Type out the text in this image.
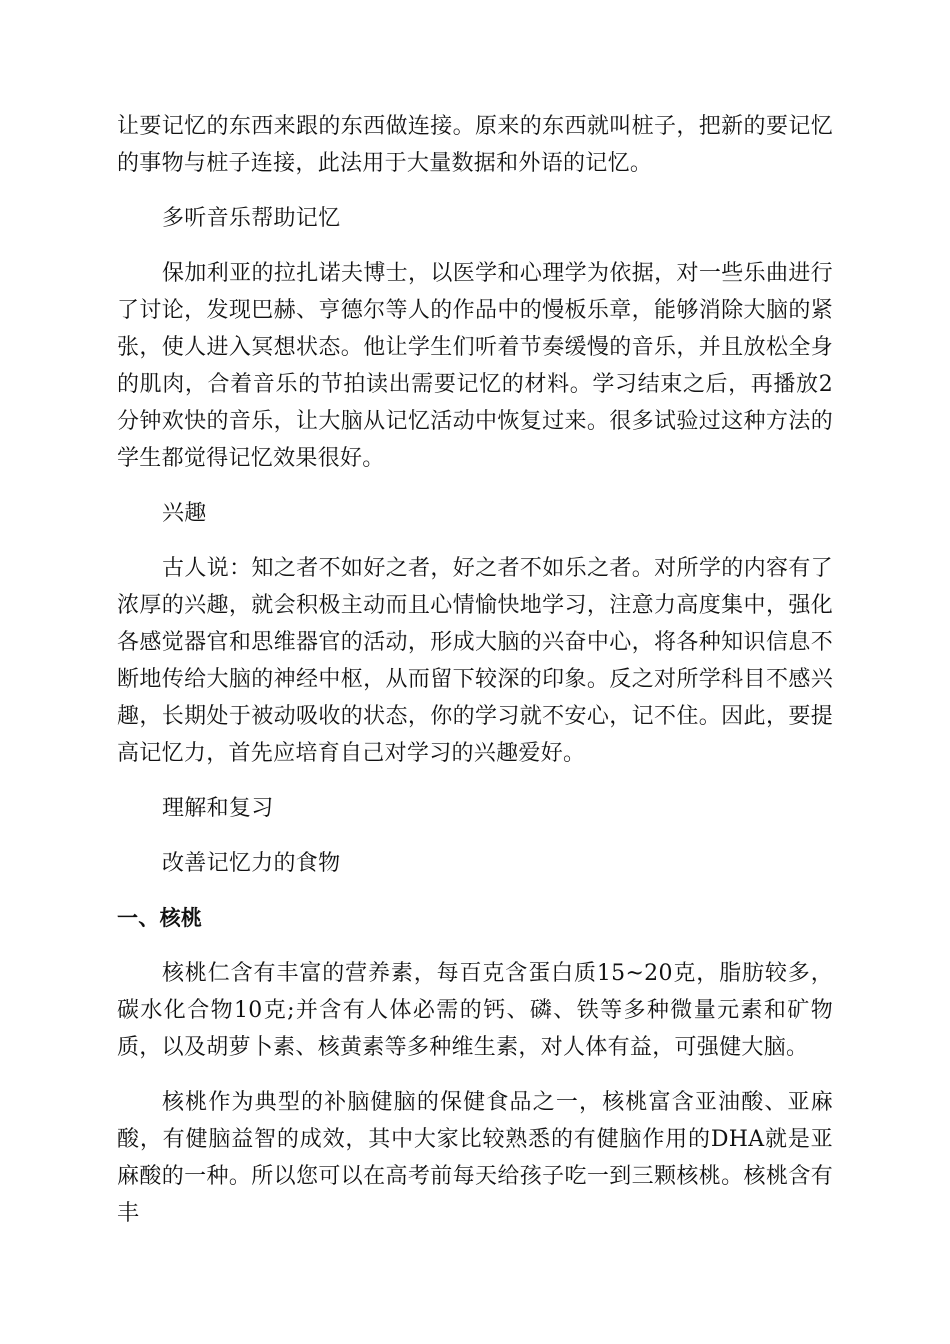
让要记忆的东西来跟的东西做连接。原来的东西就叫桩子，把新的要记忆的事物与桩子连接，此法用于大量数据和外语的记忆。

多听音乐帮助记忆

保加利亚的拉扎诺夫博士，以医学和心理学为依据，对一些乐曲进行了讨论，发现巴赫、亨德尔等人的作品中的慢板乐章，能够消除大脑的紧张，使人进入冥想状态。他让学生们听着节奏缓慢的音乐，并且放松全身的肌肉，合着音乐的节拍读出需要记忆的材料。学习结束之后，再播放2分钟欢快的音乐，让大脑从记忆活动中恢复过来。很多试验过这种方法的学生都觉得记忆效果很好。

兴趣

古人说：知之者不如好之者，好之者不如乐之者。对所学的内容有了浓厚的兴趣，就会积极主动而且心情愉快地学习，注意力高度集中，强化各感觉器官和思维器官的活动，形成大脑的兴奋中心，将各种知识信息不断地传给大脑的神经中枢，从而留下较深的印象。反之对所学科目不感兴趣，长期处于被动吸收的状态，你的学习就不安心，记不住。因此，要提高记忆力，首先应培育自己对学习的兴趣爱好。

理解和复习

改善记忆力的食物

一、核桃

核桃仁含有丰富的营养素，每百克含蛋白质15~20克，脂肪较多，碳水化合物10克;并含有人体必需的钙、磷、铁等多种微量元素和矿物质，以及胡萝卜素、核黄素等多种维生素，对人体有益，可强健大脑。

核桃作为典型的补脑健脑的保健食品之一，核桃富含亚油酸、亚麻酸，有健脑益智的成效，其中大家比较熟悉的有健脑作用的DHA就是亚麻酸的一种。所以您可以在高考前每天给孩子吃一到三颗核桃。核桃含有丰
